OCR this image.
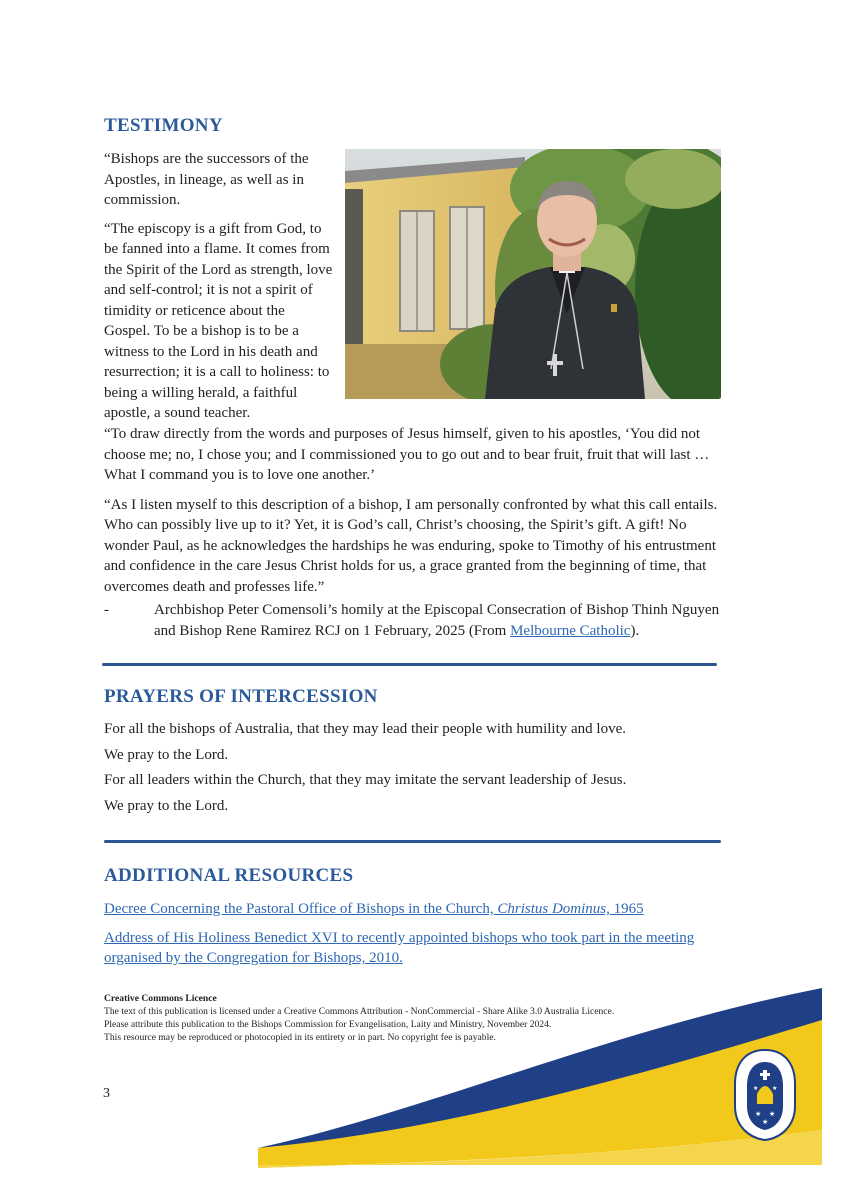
TESTIMONY

“Bishops are the successors of the Apostles, in lineage, as well as in commission.

“The episcopy is a gift from God, to be fanned into a flame. It comes from the Spirit of the Lord as strength, love and self-control; it is not a spirit of timidity or reticence about the Gospel. To be a bishop is to be a witness to the Lord in his death and resurrection; it is a call to holiness: to being a willing herald, a faithful apostle, a sound teacher.

“To draw directly from the words and purposes of Jesus himself, given to his apostles, ‘You did not choose me; no, I chose you; and I commissioned you to go out and to bear fruit, fruit that will last … What I command you is to love one another.’

“As I listen myself to this description of a bishop, I am personally confronted by what this call entails. Who can possibly live up to it? Yet, it is God’s call, Christ’s choosing, the Spirit’s gift. A gift! No wonder Paul, as he acknowledges the hardships he was enduring, spoke to Timothy of his entrustment and confidence in the care Jesus Christ holds for us, a grace granted from the beginning of time, that overcomes death and professes life.”

-	Archbishop Peter Comensoli’s homily at the Episcopal Consecration of Bishop Thinh Nguyen and Bishop Rene Ramirez RCJ on 1 February, 2025 (From Melbourne Catholic).
PRAYERS OF INTERCESSION

For all the bishops of Australia, that they may lead their people with humility and love.

We pray to the Lord.

For all leaders within the Church, that they may imitate the servant leadership of Jesus.

We pray to the Lord.

ADDITIONAL RESOURCES
Decree Concerning the Pastoral Office of Bishops in the Church, Christus Dominus, 1965
Address of His Holiness Benedict XVI to recently appointed bishops who took part in the meeting organised by the Congregation for Bishops, 2010.
Creative Commons Licence
The text of this publication is licensed under a Creative Commons Attribution - NonCommercial - Share Alike 3.0 Australia Licence.
Please attribute this publication to the Bishops Commission for Evangelisation, Laity and Ministry, November 2024.
This resource may be reproduced or photocopied in its entirety or in part. No copyright fee is payable.
3
★ ★
★
★ ★
